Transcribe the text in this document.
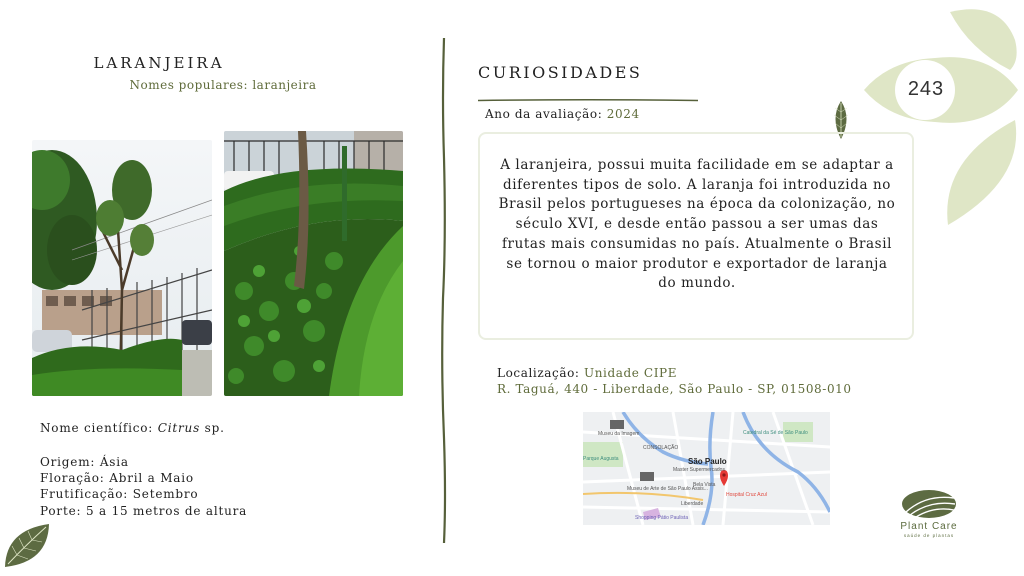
LARANJEIRA
Nomes populares: laranjeira
Nome científico: Citrus sp.
Origem: Ásia
Floração: Abril a Maio
Frutificação: Setembro
Porte: 5 a 15 metros de altura
CURIOSIDADES
Ano da avaliação: 2024
A laranjeira, possui muita facilidade em se adaptar a diferentes tipos de solo. A laranja foi introduzida no Brasil pelos portugueses na época da colonização, no século XVI, e desde então passou a ser umas das frutas mais consumidas no país. Atualmente o Brasil se tornou o maior produtor e exportador de laranja do mundo.
Localização: Unidade CIPE
R. Taguá, 440 - Liberdade, São Paulo - SP, 01508-010
Museu da Imagem
CONSOLAÇÃO
São Paulo
Master Supermercados
Bela Vista
Museu de Arte de São Paulo Assis...
Hospital Cruz Azul
Liberdade
Shopping Pátio Paulista
Catedral da Sé de São Paulo
Parque Augusta
243
Plant Care
saúde de plantas
